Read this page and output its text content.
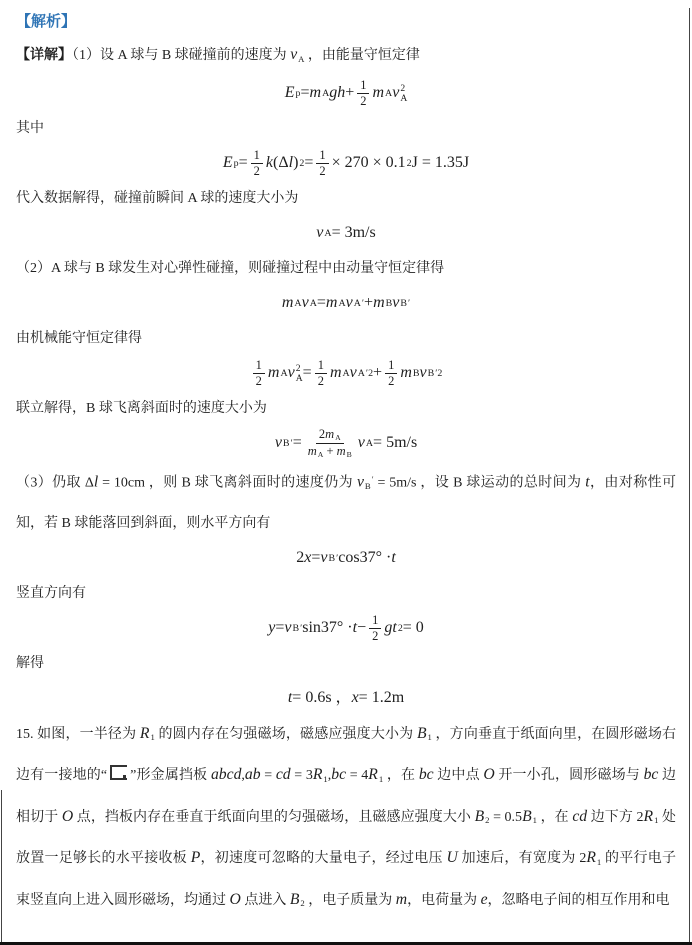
【解析】
【详解】（1）设 A 球与 B 球碰撞前的速度为 vA ，由能量守恒定律
E p = m A gh + $\frac{1}{2}$ m A v 2
A
其中
E $p = \frac{1}{2}$ k (Δ l ) $2 = \frac{1}{2} \times 270 \times 0.1$ 2 J = 1.35J
代入数据解得，碰撞前瞬间 A 球的速度大小为
v A = 3m/s
（2）A 球与 B 球发生对心弹性碰撞，则碰撞过程中由动量守恒定律得
m A v A = m A v A ′ + m B v B ′
由机械能守恒定律得
$\frac{1}{2}$ m A v 2
$A = \frac{1}{2}$ m A v A $'2 + \frac{1}{2}$ m B v B ′2
联立解得，B 球飞离斜面时的速度大小为
v B ′ = $\frac{2mA}{mA + mB}$ v A = 5m/s
（3）仍取 Δl = 10cm ，则 B 球飞离斜面时的速度仍为 vB′ = 5m/s ，设 B 球运动的总时间为 t，由对称性可知，若 B 球能落回到斜面，则水平方向有
2 x = v B ′ cos37° · t
竖直方向有
y = v B ′ $\sin 37^\circ \cdot t - \frac{1}{2}$ gt 2 = 0
解得
t = 0.6s ， x = 1.2m
15. 如图，一半径为 R1 的圆内存在匀强磁场，磁感应强度大小为 B1 ，方向垂直于纸面向里，在圆形磁场右边有一接地的“ ”形金属挡板 abcd,ab = cd = 3R1,bc = 4R1 ，在 bc 边中点 O 开一小孔，圆形磁场与 bc 边相切于 O 点，挡板内存在垂直于纸面向里的匀强磁场，且磁感应强度大小 B2 = 0.5B1 ，在 cd 边下方 2R1 处放置一足够长的水平接收板 P，初速度可忽略的大量电子，经过电压 U 加速后，有宽度为 2R1 的平行电子束竖直向上进入圆形磁场，均通过 O 点进入 B2 ，电子质量为 m，电荷量为 e，忽略电子间的相互作用和电
